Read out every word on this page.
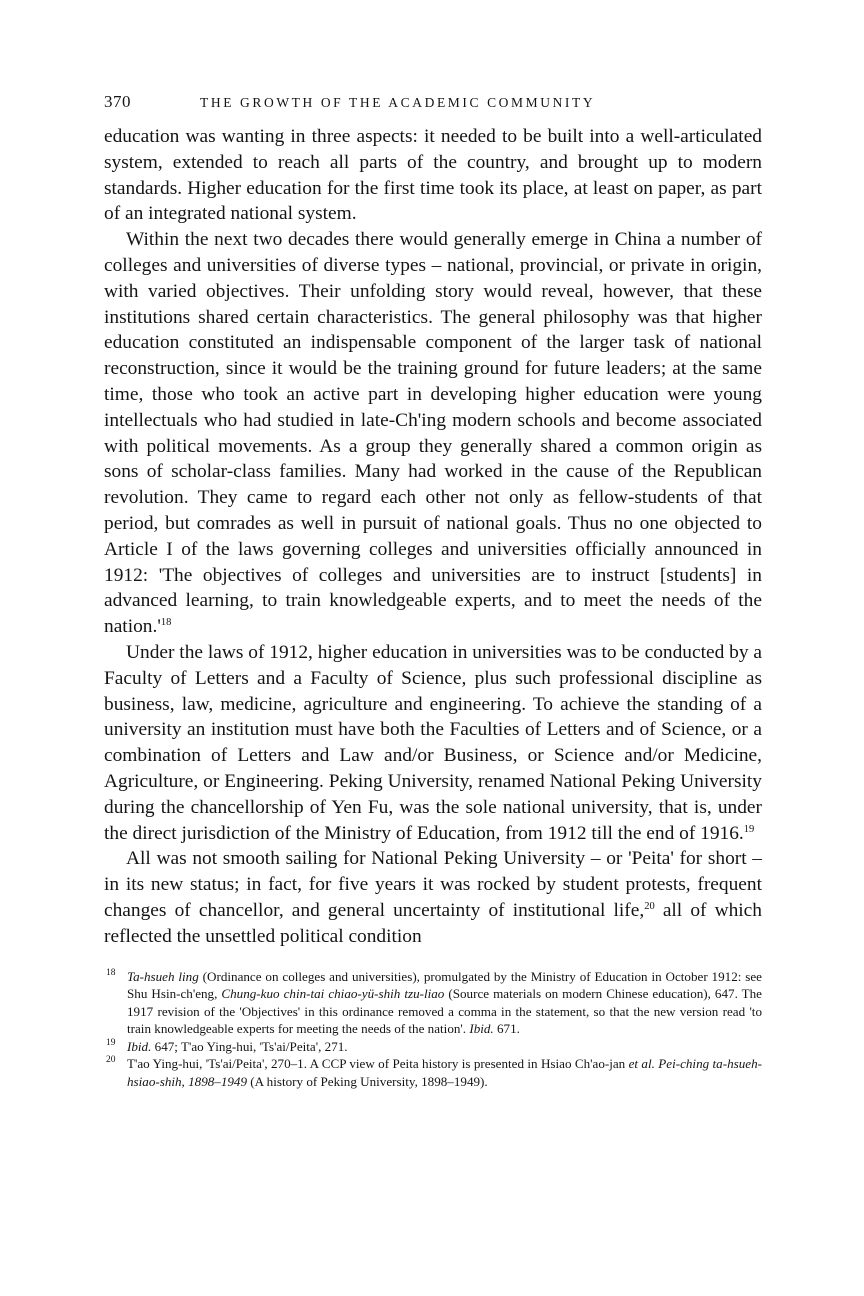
370	THE GROWTH OF THE ACADEMIC COMMUNITY

education was wanting in three aspects: it needed to be built into a well-articulated system, extended to reach all parts of the country, and brought up to modern standards. Higher education for the first time took its place, at least on paper, as part of an integrated national system.

Within the next two decades there would generally emerge in China a number of colleges and universities of diverse types – national, provincial, or private in origin, with varied objectives. Their unfolding story would reveal, however, that these institutions shared certain characteristics. The general philosophy was that higher education constituted an indispensable component of the larger task of national reconstruction, since it would be the training ground for future leaders; at the same time, those who took an active part in developing higher education were young intellectuals who had studied in late-Ch'ing modern schools and become associated with political movements. As a group they generally shared a common origin as sons of scholar-class families. Many had worked in the cause of the Republican revolution. They came to regard each other not only as fellow-students of that period, but comrades as well in pursuit of national goals. Thus no one objected to Article I of the laws governing colleges and universities officially announced in 1912: 'The objectives of colleges and universities are to instruct [students] in advanced learning, to train knowledgeable experts, and to meet the needs of the $nation.'^{18}$

Under the laws of 1912, higher education in universities was to be conducted by a Faculty of Letters and a Faculty of Science, plus such professional discipline as business, law, medicine, agriculture and engineering. To achieve the standing of a university an institution must have both the Faculties of Letters and of Science, or a combination of Letters and Law and/or Business, or Science and/or Medicine, Agriculture, or Engineering. Peking University, renamed National Peking University during the chancellorship of Yen Fu, was the sole national university, that is, under the direct jurisdiction of the Ministry of Education, from 1912 till the end of 1916.19

All was not smooth sailing for National Peking University – or 'Peita' for short – in its new status; in fact, for five years it was rocked by student protests, frequent changes of chancellor, and general uncertainty of institutional life,$^{20}$ all of which reflected the unsettled political condition

18 Ta-hsueh ling (Ordinance on colleges and universities), promulgated by the Ministry of Education in October 1912: see Shu Hsin-ch'eng, Chung-kuo chin-tai chiao-yü-shih tzu-liao (Source materials on modern Chinese education), 647. The 1917 revision of the 'Objectives' in this ordinance removed a comma in the statement, so that the new version read 'to train knowledgeable experts for meeting the needs of the nation'. Ibid. 671.
19 Ibid. 647; T'ao Ying-hui, 'Ts'ai/Peita', 271.
20 T'ao Ying-hui, 'Ts'ai/Peita', 270–1. A CCP view of Peita history is presented in Hsiao Ch'ao-jan et al. Pei-ching ta-hsueh-hsiao-shih, 1898–1949 (A history of Peking University, 1898–1949).
